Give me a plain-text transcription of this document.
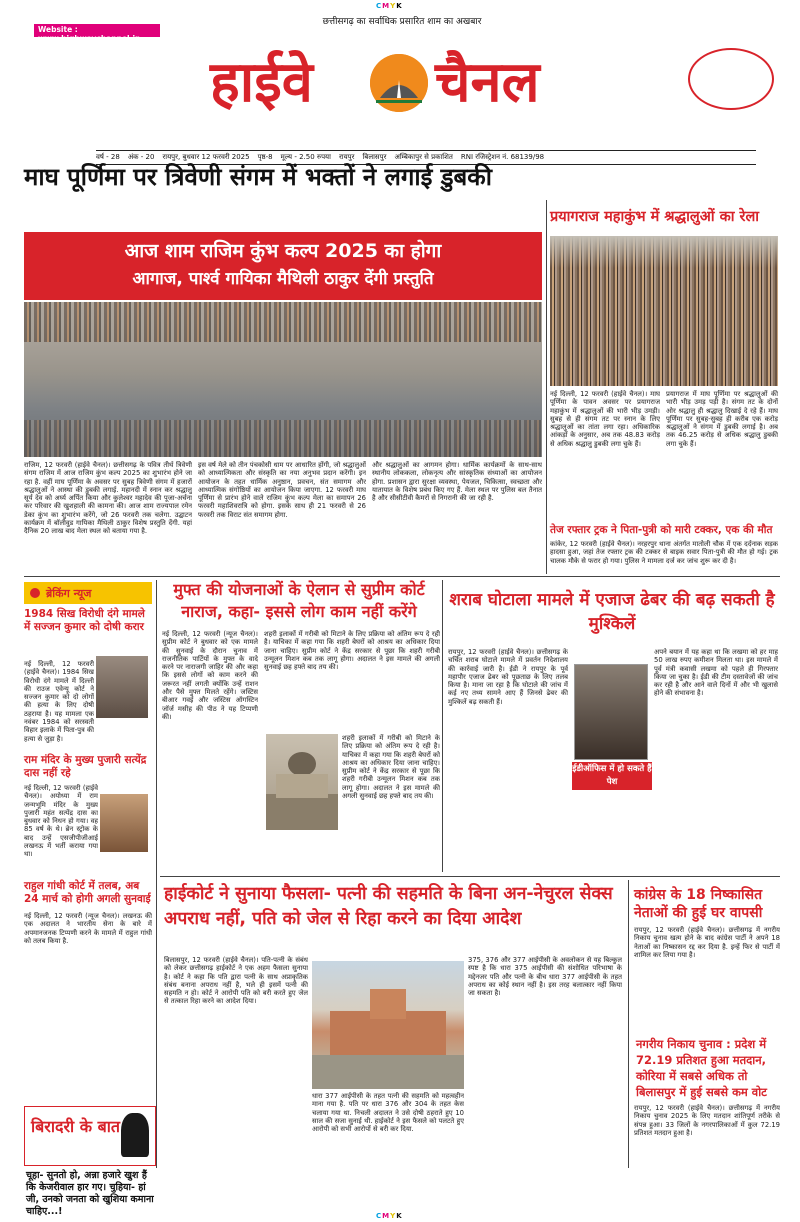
CMYK
Website : www.highwaychannel.in
छत्तीसगढ़ का सर्वाधिक प्रसारित शाम का अखबार
हाईवे चैनल
वर्ष - 28 अंक - 20 रायपुर, बुधवार 12 फरवरी 2025 पृष्ठ-8 मूल्य - 2.50 रुपया रायपुर बिलासपुर अम्बिकापुर से प्रकाशित RNI रजिस्ट्रेशन नं. 68139/98
माघ पूर्णिमा पर त्रिवेणी संगम में भक्तों ने लगाई डुबकी
आज शाम राजिम कुंभ कल्प 2025 का होगा
आगाज, पार्श्व गायिका मैथिली ठाकुर देंगी प्रस्तुति
राजिम, 12 फरवरी (हाईवे चैनल)। छत्तीसगढ़ के पवित्र तीर्थ त्रिवेणी संगम राजिम में आज राजिम कुंभ कल्प 2025 का शुभारंभ होने जा रहा है. वहीं माघ पूर्णिमा के अवसर पर सुबह त्रिवेणी संगम में हजारों श्रद्धालुओं ने आस्था की डुबकी लगाई. महानदी में स्नान कर श्रद्धालु सूर्य देव को अर्घ्य अर्पित किया और कुलेश्वर महादेव की पूजा-अर्चना कर परिवार की खुशहाली की कामना की। आज शाम राज्यपाल रमेन डेका कुंभ का शुभारंभ करेंगे, जो 26 फरवरी तक चलेगा. उद्घाटन कार्यक्रम में बॉलीवुड गायिका मैथिली ठाकुर विशेष प्रस्तुति देंगी. यहां दैनिक 20 लाख बाद मेला स्थल को बताया गया है.
इस वर्ष मेले को तीन पंचकोसी धाम पर आधारित होंगी, जो श्रद्धालुओं को आध्यात्मिकता और संस्कृति का नया अनुभव प्रदान करेंगी। इन आयोजन के तहत धार्मिक अनुष्ठान, प्रवचन, संत समागम और आध्यात्मिक संगोष्ठियों का आयोजन किया जाएगा. 12 फरवरी माघ पूर्णिमा से प्रारंभ होने वाले राजिम कुंभ कल्प मेला का समापन 26 फरवरी महाशिवरात्रि को होगा. इसके साथ ही 21 फरवरी से 26 फरवरी तक विराट संत समागम होगा.
और श्रद्धालुओं का आगमन होगा। धार्मिक कार्यक्रमों के साथ-साथ स्थानीय लोककला, लोकनृत्य और सांस्कृतिक संध्याओं का आयोजन होगा. प्रशासन द्वारा सुरक्षा व्यवस्था, पेयजल, चिकित्सा, स्वच्छता और यातायात के विशेष प्रबंध किए गए हैं. मेला स्थल पर पुलिस बल तैनात है और सीसीटीवी कैमरों से निगरानी की जा रही है.
प्रयागराज महाकुंभ में श्रद्धालुओं का रेला
नई दिल्ली, 12 फरवरी (हाईवे चैनल)। माघ पूर्णिमा के पावन अवसर पर प्रयागराज महाकुंभ में श्रद्धालुओं की भारी भीड़ उमड़ी। सुबह से ही संगम तट पर स्नान के लिए श्रद्धालुओं का तांता लगा रहा। अधिकारिक आंकड़ों के अनुसार, अब तक 48.83 करोड़ से अधिक श्रद्धालु डुबकी लगा चुके हैं।
प्रयागराज में माघ पूर्णिमा पर श्रद्धालुओं की भारी भीड़ उमड़ पड़ी है। संगम तट के दोनों ओर श्रद्धालु ही श्रद्धालु दिखाई दे रहे हैं। माघ पूर्णिमा पर सुबह-सुबह ही करीब एक करोड़ श्रद्धालुओं ने संगम में डुबकी लगाई है। अब तक 46.25 करोड़ से अधिक श्रद्धालु डुबकी लगा चुके हैं।
तेज रफ्तार ट्रक ने पिता-पुत्री को मारी टक्कर, एक की मौत
कांकेर, 12 फरवरी (हाईवे चैनल)। नरहरपुर थाना अंतर्गत मातोली चौक में एक दर्दनाक सड़क हादसा हुआ, जहां तेज रफ्तार ट्रक की टक्कर से बाइक सवार पिता-पुत्री की मौत हो गई। ट्रक चालक मौके से फरार हो गया। पुलिस ने मामला दर्ज कर जांच शुरू कर दी है।
ब्रेकिंग न्यूज
1984 सिख विरोधी दंगे मामले में सज्जन कुमार को दोषी करार
नई दिल्ली, 12 फरवरी (हाईवे चैनल)। 1984 सिख विरोधी दंगे मामले में दिल्ली की राउज एवेन्यू कोर्ट ने सज्जन कुमार को दो लोगों की हत्या के लिए दोषी ठहराया है। यह मामला एक नवंबर 1984 को सरस्वती विहार इलाके में पिता-पुत्र की हत्या से जुड़ा है।
राम मंदिर के मुख्य पुजारी सत्येंद्र दास नहीं रहे
नई दिल्ली, 12 फरवरी (हाईवे चैनल)। अयोध्या में राम जन्मभूमि मंदिर के मुख्य पुजारी महंत सत्येंद्र दास का बुधवार को निधन हो गया। वह 85 वर्ष के थे। ब्रेन स्ट्रोक के बाद उन्हें एसजीपीजीआई लखनऊ में भर्ती कराया गया था।
राहुल गांधी कोर्ट में तलब, अब 24 मार्च को होगी अगली सुनवाई
नई दिल्ली, 12 फरवरी (न्यूज चैनल)। लखनऊ की एक अदालत ने भारतीय सेना के बारे में अपमानजनक टिप्पणी करने के मामले में राहुल गांधी को तलब किया है.
मुफ्त की योजनाओं के ऐलान से सुप्रीम कोर्ट नाराज, कहा- इससे लोग काम नहीं करेंगे
नई दिल्ली, 12 फरवरी (न्यूज चैनल)। सुप्रीम कोर्ट ने बुधवार को एक मामले की सुनवाई के दौरान चुनाव में राजनीतिक पार्टियों के मुफ्त के वादे करने पर नाराजगी जाहिर की और कहा कि इससे लोगों को काम करने की जरूरत नहीं लगती क्योंकि उन्हें राशन और पैसे मुफ्त मिलते रहेंगे। जस्टिस बीआर गवई और जस्टिस ऑगस्टिन जॉर्ज मसीह की पीठ ने यह टिप्पणी की।
शहरी इलाकों में गरीबी को मिटाने के लिए प्रक्रिया को अंतिम रूप दे रही है। याचिका में कहा गया कि शहरी बेघरों को आश्रय का अधिकार दिया जाना चाहिए। सुप्रीम कोर्ट ने केंद्र सरकार से पूछा कि शहरी गरीबी उन्मूलन मिशन कब तक लागू होगा। अदालत ने इस मामले की अगली सुनवाई छह हफ्ते बाद तय की।
शहरी इलाकों में गरीबी को मिटाने के लिए प्रक्रिया को अंतिम रूप दे रही है। याचिका में कहा गया कि शहरी बेघरों को आश्रय का अधिकार दिया जाना चाहिए। सुप्रीम कोर्ट ने केंद्र सरकार से पूछा कि शहरी गरीबी उन्मूलन मिशन कब तक लागू होगा। अदालत ने इस मामले की अगली सुनवाई छह हफ्ते बाद तय की।
शराब घोटाला मामले में एजाज ढेबर की बढ़ सकती है मुश्किलें
रायपुर, 12 फरवरी (हाईवे चैनल)। छत्तीसगढ़ के चर्चित शराब घोटाले मामले में प्रवर्तन निदेशालय की कार्रवाई जारी है। ईडी ने रायपुर के पूर्व महापौर एजाज ढेबर को पूछताछ के लिए तलब किया है। माना जा रहा है कि घोटाले की जांच में कई नए तथ्य सामने आए हैं जिनसे ढेबर की मुश्किलें बढ़ सकती हैं।
ईडीऑफिस में हो सकते हैं पेश
अपने बयान में यह कहा था कि लखमा को हर माह 50 लाख रुपए कमीशन मिलता था। इस मामले में पूर्व मंत्री कवासी लखमा को पहले ही गिरफ्तार किया जा चुका है। ईडी की टीम दस्तावेजों की जांच कर रही है और आने वाले दिनों में और भी खुलासे होने की संभावना है।
हाईकोर्ट ने सुनाया फैसला- पत्नी की सहमति के बिना अन-नेचुरल सेक्स अपराध नहीं, पति को जेल से रिहा करने का दिया आदेश
बिलासपुर, 12 फरवरी (हाईवे चैनल)। पति-पत्नी के संबंध को लेकर छत्तीसगढ़ हाईकोर्ट ने एक अहम फैसला सुनाया है। कोर्ट ने कहा कि पति द्वारा पत्नी के साथ अप्राकृतिक संबंध बनाना अपराध नहीं है, भले ही इसमें पत्नी की सहमति न हो। कोर्ट ने आरोपी पति को बरी करते हुए जेल से तत्काल रिहा करने का आदेश दिया।
धारा 377 आईपीसी के तहत पत्नी की सहमति को महत्वहीन माना गया है. पति पर धारा 376 और 304 के तहत केस चलाया गया था. निचली अदालत ने उसे दोषी ठहराते हुए 10 साल की सजा सुनाई थी. हाईकोर्ट ने इस फैसले को पलटते हुए आरोपी को सभी आरोपों से बरी कर दिया.
375, 376 और 377 आईपीसी के अवलोकन से यह बिल्कुल स्पष्ट है कि धारा 375 आईपीसी की संशोधित परिभाषा के मद्देनजर पति और पत्नी के बीच धारा 377 आईपीसी के तहत अपराध का कोई स्थान नहीं है। इस तरह बलात्कार नहीं किया जा सकता है।
कांग्रेस के 18 निष्कासित नेताओं की हुई घर वापसी
रायपुर, 12 फरवरी (हाईवे चैनल)। छत्तीसगढ़ में नगरीय निकाय चुनाव खत्म होने के बाद कांग्रेस पार्टी ने अपने 18 नेताओं का निष्कासन रद्द कर दिया है. इन्हें फिर से पार्टी में शामिल कर लिया गया है।
नगरीय निकाय चुनाव : प्रदेश में 72.19 प्रतिशत हुआ मतदान, कोरिया में सबसे अधिक तो बिलासपुर में हुई सबसे कम वोट
रायपुर, 12 फरवरी (हाईवे चैनल)। छत्तीसगढ़ में नगरीय निकाय चुनाव 2025 के लिए मतदान शांतिपूर्ण तरीके से संपन्न हुआ। 33 जिलों के नगरपालिकाओं में कुल 72.19 प्रतिशत मतदान हुआ है।
बिरादरी के बात
चूहा- सुनतो हो, अन्ना हजारे खुश हैं कि केजरीवाल हार गए। चुहिया- हां जी, उनको जनता को खुशिया कमाना चाहिए...!	CMYK
